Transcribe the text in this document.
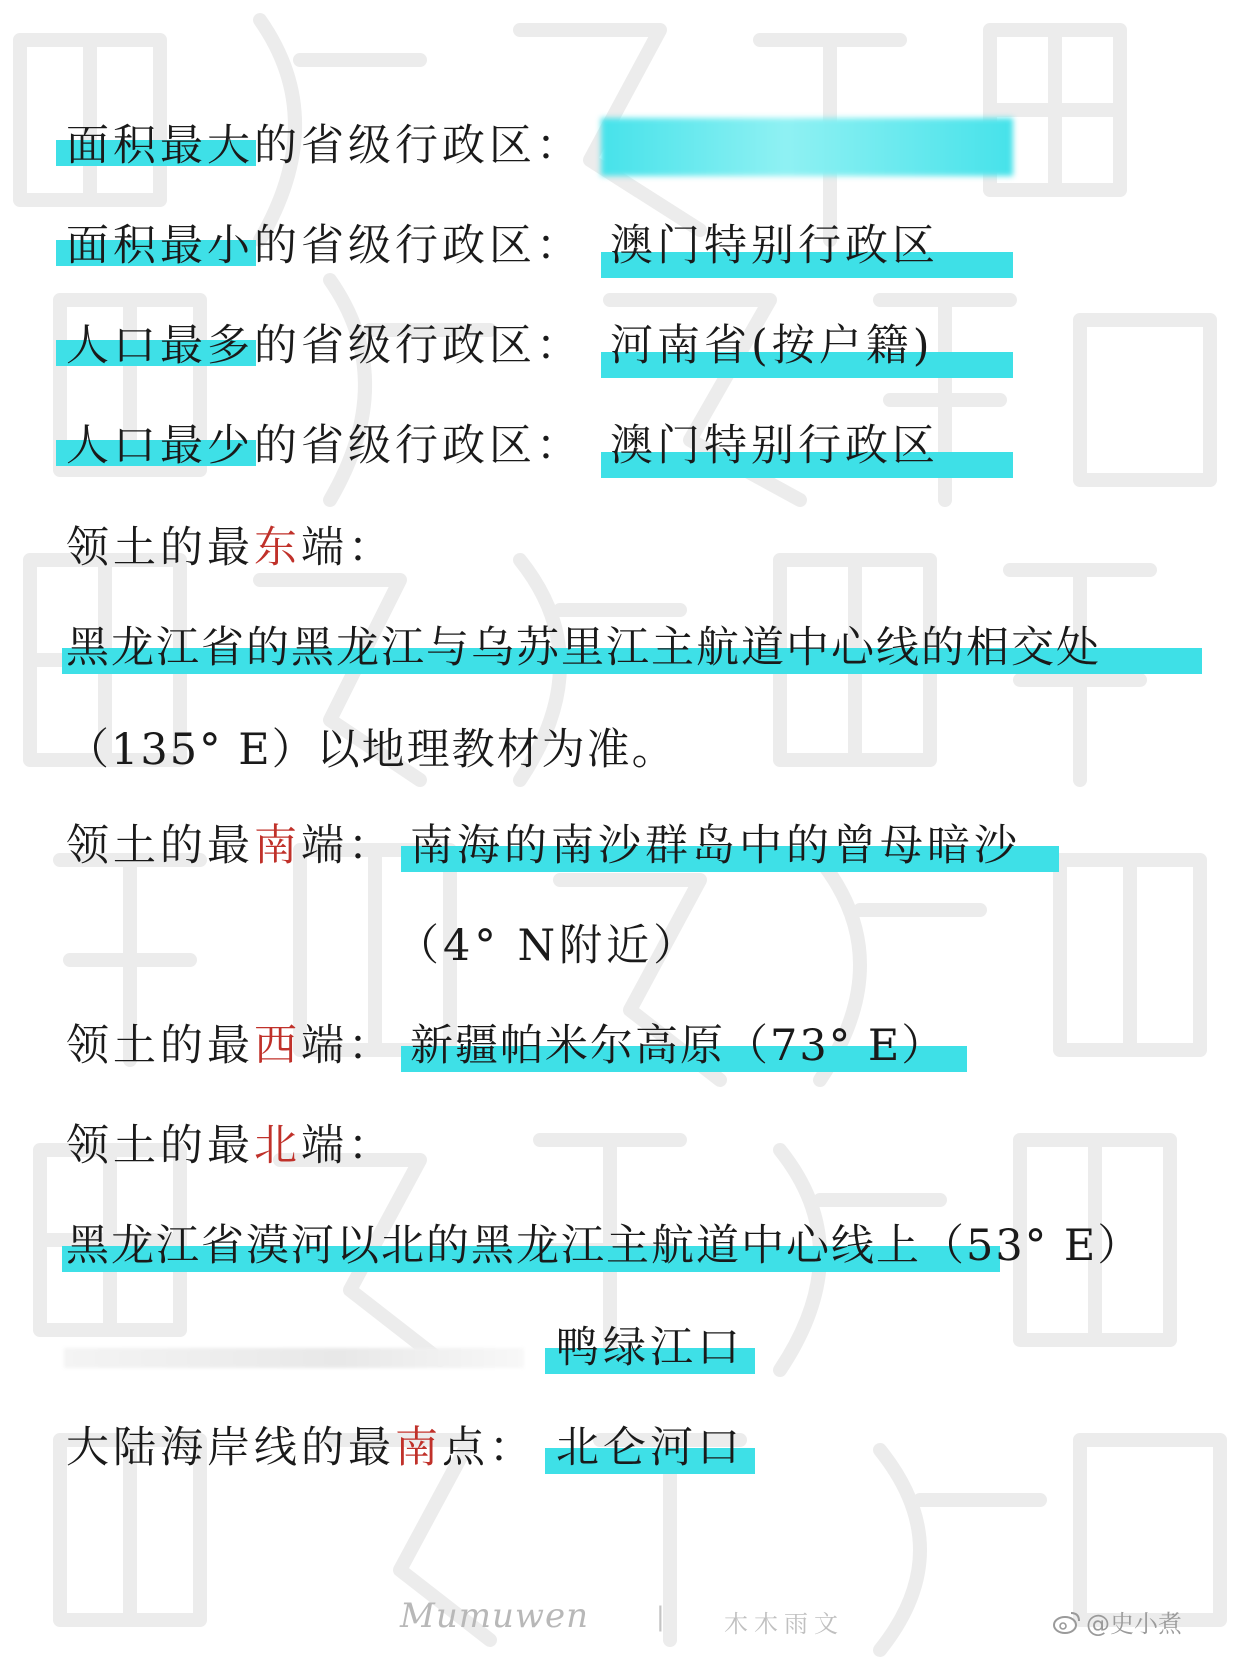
面积最大的省级行政区：
面积最小的省级行政区： 澳门特别行政区
人口最多的省级行政区： 河南省(按户籍)
人口最少的省级行政区： 澳门特别行政区
领土的最东端：
黑龙江省的黑龙江与乌苏里江主航道中心线的相交处
（135° E）以地理教材为准。
领土的最南端： 南海的南沙群岛中的曾母暗沙
（4° N附近）
领土的最西端： 新疆帕米尔高原（73° E）
领土的最北端：
黑龙江省漠河以北的黑龙江主航道中心线上（53° E）
鸭绿江口
大陆海岸线的最南点： 北仑河口
Mumuwen	| 木木雨文	@史小煮
